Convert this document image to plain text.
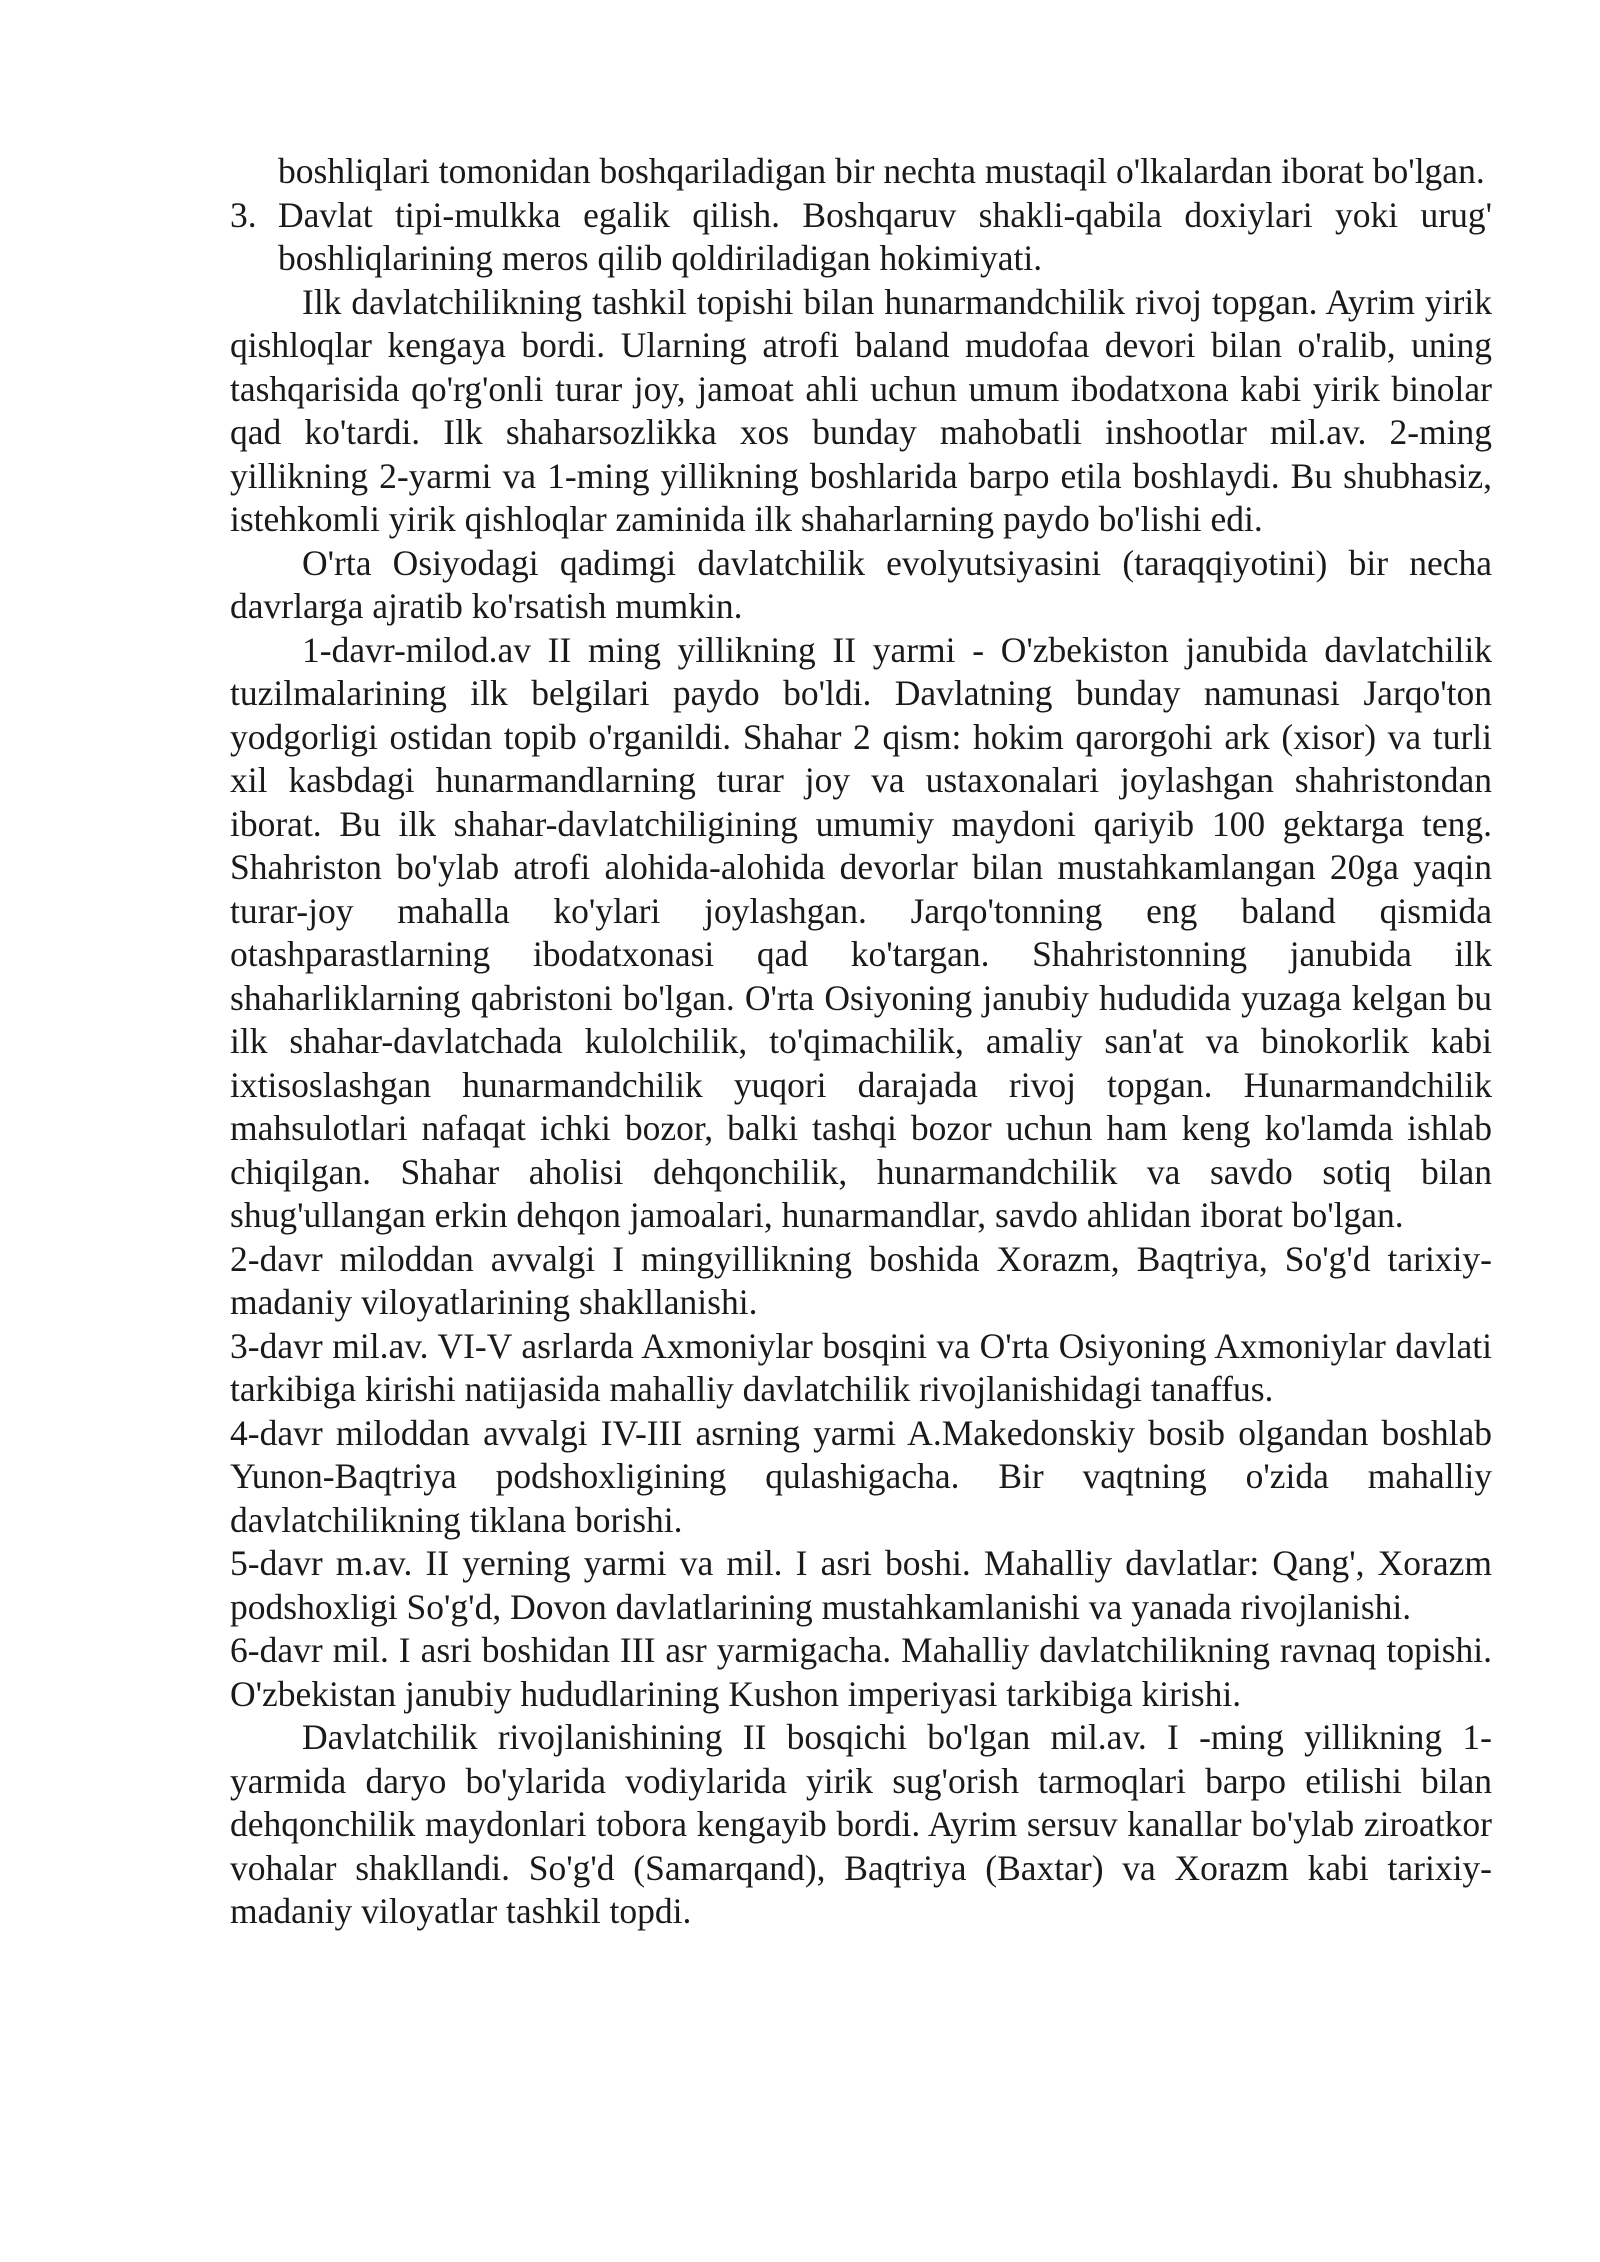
boshliqlari tomonidan boshqariladigan bir nechta mustaqil o'lkalardan iborat bo'lgan.

3. Davlat tipi-mulkka egalik qilish. Boshqaruv shakli-qabila doxiylari yoki urug' boshliqlarining meros qilib qoldiriladigan hokimiyati.

Ilk davlatchilikning tashkil topishi bilan hunarmandchilik rivoj topgan. Ayrim yirik qishloqlar kengaya bordi. Ularning atrofi baland mudofaa devori bilan o'ralib, uning tashqarisida qo'rg'onli turar joy, jamoat ahli uchun umum ibodatxona kabi yirik binolar qad ko'tardi. Ilk shaharsozlikka xos bunday mahobatli inshootlar mil.av. 2-ming yillikning 2-yarmi va 1-ming yillikning boshlarida barpo etila boshlaydi. Bu shubhasiz, istehkomli yirik qishloqlar zaminida ilk shaharlarning paydo bo'lishi edi.

O'rta Osiyodagi qadimgi davlatchilik evolyutsiyasini (taraqqiyotini) bir necha davrlarga ajratib ko'rsatish mumkin.

1-davr-milod.av II ming yillikning II yarmi - O'zbekiston janubida davlatchilik tuzilmalarining ilk belgilari paydo bo'ldi. Davlatning bunday namunasi Jarqo'ton yodgorligi ostidan topib o'rganildi. Shahar 2 qism: hokim qarorgohi ark (xisor) va turli xil kasbdagi hunarmandlarning turar joy va ustaxonalari joylashgan shahristondan iborat. Bu ilk shahar-davlatchiligining umumiy maydoni qariyib 100 gektarga teng. Shahriston bo'ylab atrofi alohida-alohida devorlar bilan mustahkamlangan 20ga yaqin turar-joy mahalla ko'ylari joylashgan. Jarqo'tonning eng baland qismida otashparastlarning ibodatxonasi qad ko'targan. Shahristonning janubida ilk shaharliklarning qabristoni bo'lgan. O'rta Osiyoning janubiy hududida yuzaga kelgan bu ilk shahar-davlatchada kulolchilik, to'qimachilik, amaliy san'at va binokorlik kabi ixtisoslashgan hunarmandchilik yuqori darajada rivoj topgan. Hunarmandchilik mahsulotlari nafaqat ichki bozor, balki tashqi bozor uchun ham keng ko'lamda ishlab chiqilgan. Shahar aholisi dehqonchilik, hunarmandchilik va savdo sotiq bilan shug'ullangan erkin dehqon jamoalari, hunarmandlar, savdo ahlidan iborat bo'lgan.

2-davr miloddan avvalgi I mingyillikning boshida Xorazm, Baqtriya, So'g'd tarixiy-madaniy viloyatlarining shakllanishi.

3-davr mil.av. VI-V asrlarda Axmoniylar bosqini va O'rta Osiyoning Axmoniylar davlati tarkibiga kirishi natijasida mahalliy davlatchilik rivojlanishidagi tanaffus.

4-davr miloddan avvalgi IV-III asrning yarmi A.Makedonskiy bosib olgandan boshlab Yunon-Baqtriya podshoxligining qulashigacha. Bir vaqtning o'zida mahalliy davlatchilikning tiklana borishi.

5-davr m.av. II yerning yarmi va mil. I asri boshi. Mahalliy davlatlar: Qang', Xorazm podshoxligi So'g'd, Dovon davlatlarining mustahkamlanishi va yanada rivojlanishi.

6-davr mil. I asri boshidan III asr yarmigacha. Mahalliy davlatchilikning ravnaq topishi. O'zbekistan janubiy hududlarining Kushon imperiyasi tarkibiga kirishi.

Davlatchilik rivojlanishining II bosqichi bo'lgan mil.av. I -ming yillikning 1-yarmida daryo bo'ylarida vodiylarida yirik sug'orish tarmoqlari barpo etilishi bilan dehqonchilik maydonlari tobora kengayib bordi. Ayrim sersuv kanallar bo'ylab ziroatkor vohalar shakllandi. So'g'd (Samarqand), Baqtriya (Baxtar) va Xorazm kabi tarixiy-madaniy viloyatlar tashkil topdi.
